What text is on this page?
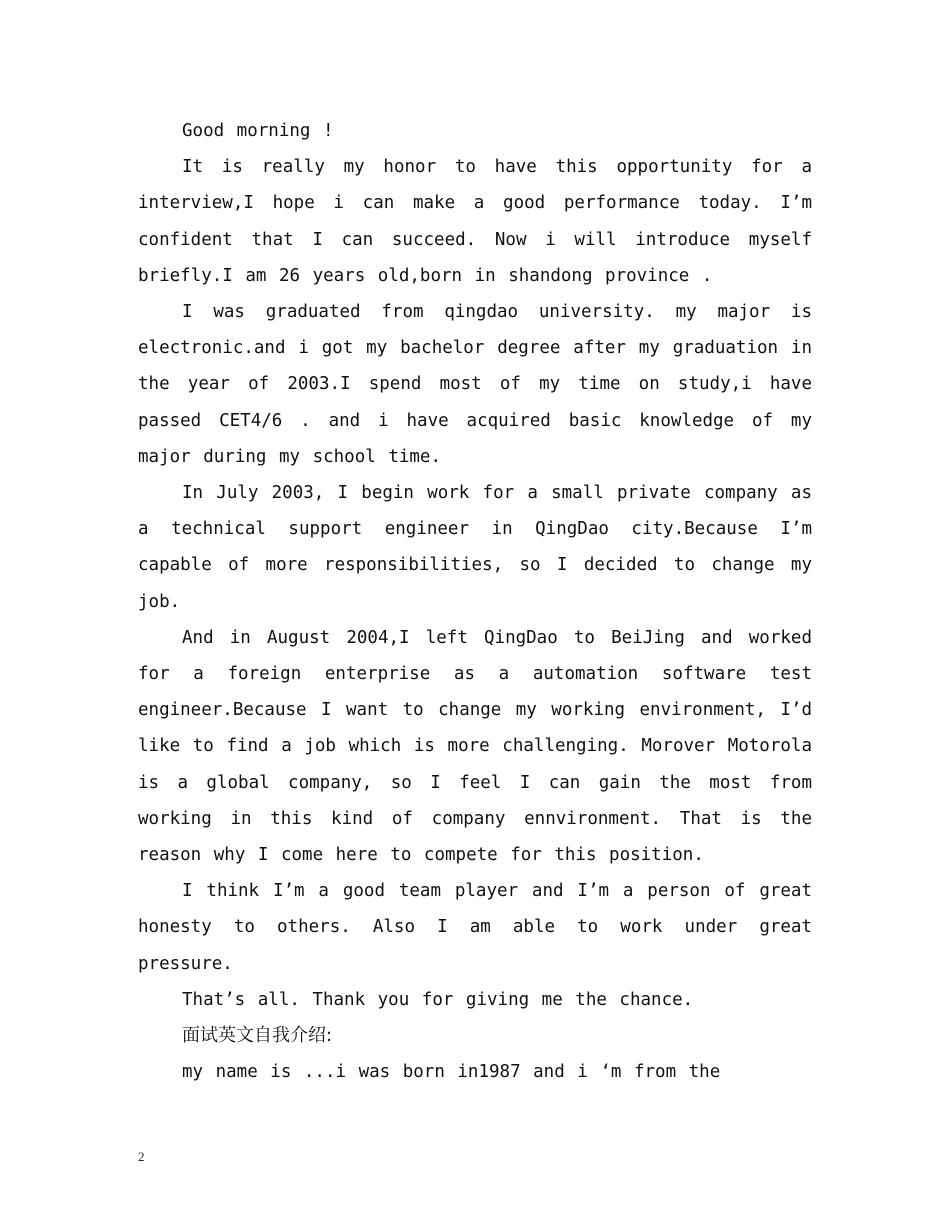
Good morning !

It is really my honor to have this opportunity for a interview,I hope i can make a good performance today. I’m confident that I can succeed. Now i will introduce myself briefly.I am 26 years old,born in shandong province .

I was graduated from qingdao university. my major is electronic.and i got my bachelor degree after my graduation in the year of 2003.I spend most of my time on study,i have passed CET4/6 . and i have acquired basic knowledge of my major during my school time.

In July 2003, I begin work for a small private company as a technical support engineer in QingDao city.Because I’m capable of more responsibilities, so I decided to change my job.

And in August 2004,I left QingDao to BeiJing and worked for a foreign enterprise as a automation software test engineer.Because I want to change my working environment, I’d like to find a job which is more challenging. Morover Motorola is a global company, so I feel I can gain the most from working in this kind of company ennvironment. That is the reason why I come here to compete for this position.

I think I’m a good team player and I’m a person of great honesty to others. Also I am able to work under great pressure.

That’s all. Thank you for giving me the chance.

面试英文自我介绍:

my name is ...i was born in1987 and i ‘m from the

2
